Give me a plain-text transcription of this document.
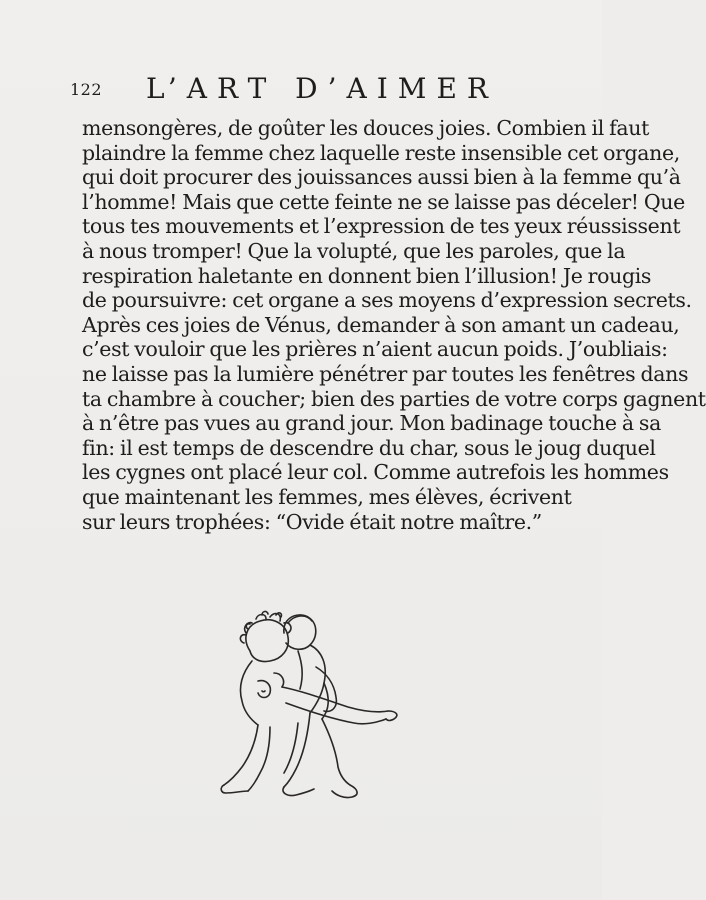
122 L’ART D’AIMER
mensongères, de goûter les douces joies. Combien il faut
plaindre la femme chez laquelle reste insensible cet organe,
qui doit procurer des jouissances aussi bien à la femme qu’à
l’homme! Mais que cette feinte ne se laisse pas déceler! Que
tous tes mouvements et l’expression de tes yeux réussissent
à nous tromper! Que la volupté, que les paroles, que la
respiration haletante en donnent bien l’illusion! Je rougis
de poursuivre: cet organe a ses moyens d’expression secrets.
Après ces joies de Vénus, demander à son amant un cadeau,
c’est vouloir que les prières n’aient aucun poids. J’oubliais:
ne laisse pas la lumière pénétrer par toutes les fenêtres dans
ta chambre à coucher; bien des parties de votre corps gagnent
à n’être pas vues au grand jour. Mon badinage touche à sa
fin: il est temps de descendre du char, sous le joug duquel
les cygnes ont placé leur col. Comme autrefois les hommes
que maintenant les femmes, mes élèves, écrivent
sur leurs trophées: “Ovide était notre maître.”
